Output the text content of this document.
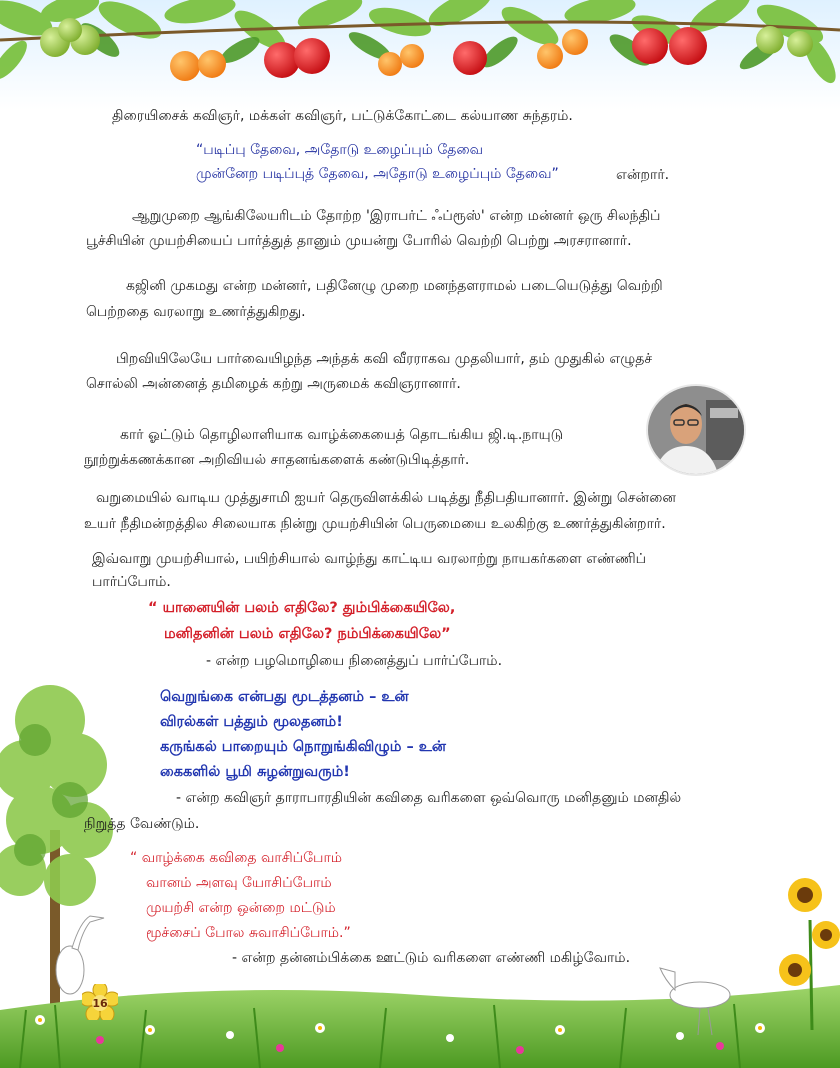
16
திரையிசைக் கவிஞர், மக்கள் கவிஞர், பட்டுக்கோட்டை கல்யாண சுந்தரம்.
“படிப்பு தேவை, அதோடு உழைப்பும் தேவை
முன்னேற படிப்புத் தேவை, அதோடு உழைப்பும் தேவை”	என்றார்.
ஆறுமுறை ஆங்கிலேயரிடம் தோற்ற 'இராபர்ட் ஃப்ரூஸ்' என்ற மன்னர் ஒரு சிலந்திப்
பூச்சியின் முயற்சியைப் பார்த்துத் தானும் முயன்று போரில் வெற்றி பெற்று அரசரானார்.
கஜினி முகமது என்ற மன்னர், பதினேழு முறை மனந்தளராமல் படையெடுத்து வெற்றி
பெற்றதை வரலாறு உணர்த்துகிறது.
பிறவியிலேயே பார்வையிழந்த அந்தக் கவி வீரராகவ முதலியார், தம் முதுகில் எழுதச்
சொல்லி அன்னைத் தமிழைக் கற்று அருமைக் கவிஞரானார்.
கார் ஓட்டும் தொழிலாளியாக வாழ்க்கையைத் தொடங்கிய ஜி.டி.நாயுடு
நூற்றுக்கணக்கான அறிவியல் சாதனங்களைக் கண்டுபிடித்தார்.
வறுமையில் வாடிய முத்துசாமி ஐயர் தெருவிளக்கில் படித்து நீதிபதியானார். இன்று சென்னை
உயர் நீதிமன்றத்தில சிலையாக நின்று முயற்சியின் பெருமையை உலகிற்கு உணர்த்துகின்றார்.
இவ்வாறு முயற்சியால், பயிற்சியால் வாழ்ந்து காட்டிய வரலாற்று நாயகர்களை எண்ணிப்
பார்ப்போம்.
“ யானையின் பலம் எதிலே? தும்பிக்கையிலே,
மனிதனின் பலம் எதிலே? நம்பிக்கையிலே”
- என்ற பழமொழியை நினைத்துப் பார்ப்போம்.
வெறுங்கை என்பது மூடத்தனம் – உன்
விரல்கள் பத்தும் மூலதனம்!
கருங்கல் பாறையும் நொறுங்கிவிழும் – உன்
கைகளில் பூமி சுழன்றுவரும்!
- என்ற கவிஞர் தாராபாரதியின் கவிதை வரிகளை ஒவ்வொரு மனிதனும் மனதில்
நிறுத்த வேண்டும்.
“ வாழ்க்கை கவிதை வாசிப்போம்
வானம் அளவு யோசிப்போம்
முயற்சி என்ற ஒன்றை மட்டும்
மூச்சைப் போல சுவாசிப்போம்.”
- என்ற தன்னம்பிக்கை ஊட்டும் வரிகளை எண்ணி மகிழ்வோம்.
